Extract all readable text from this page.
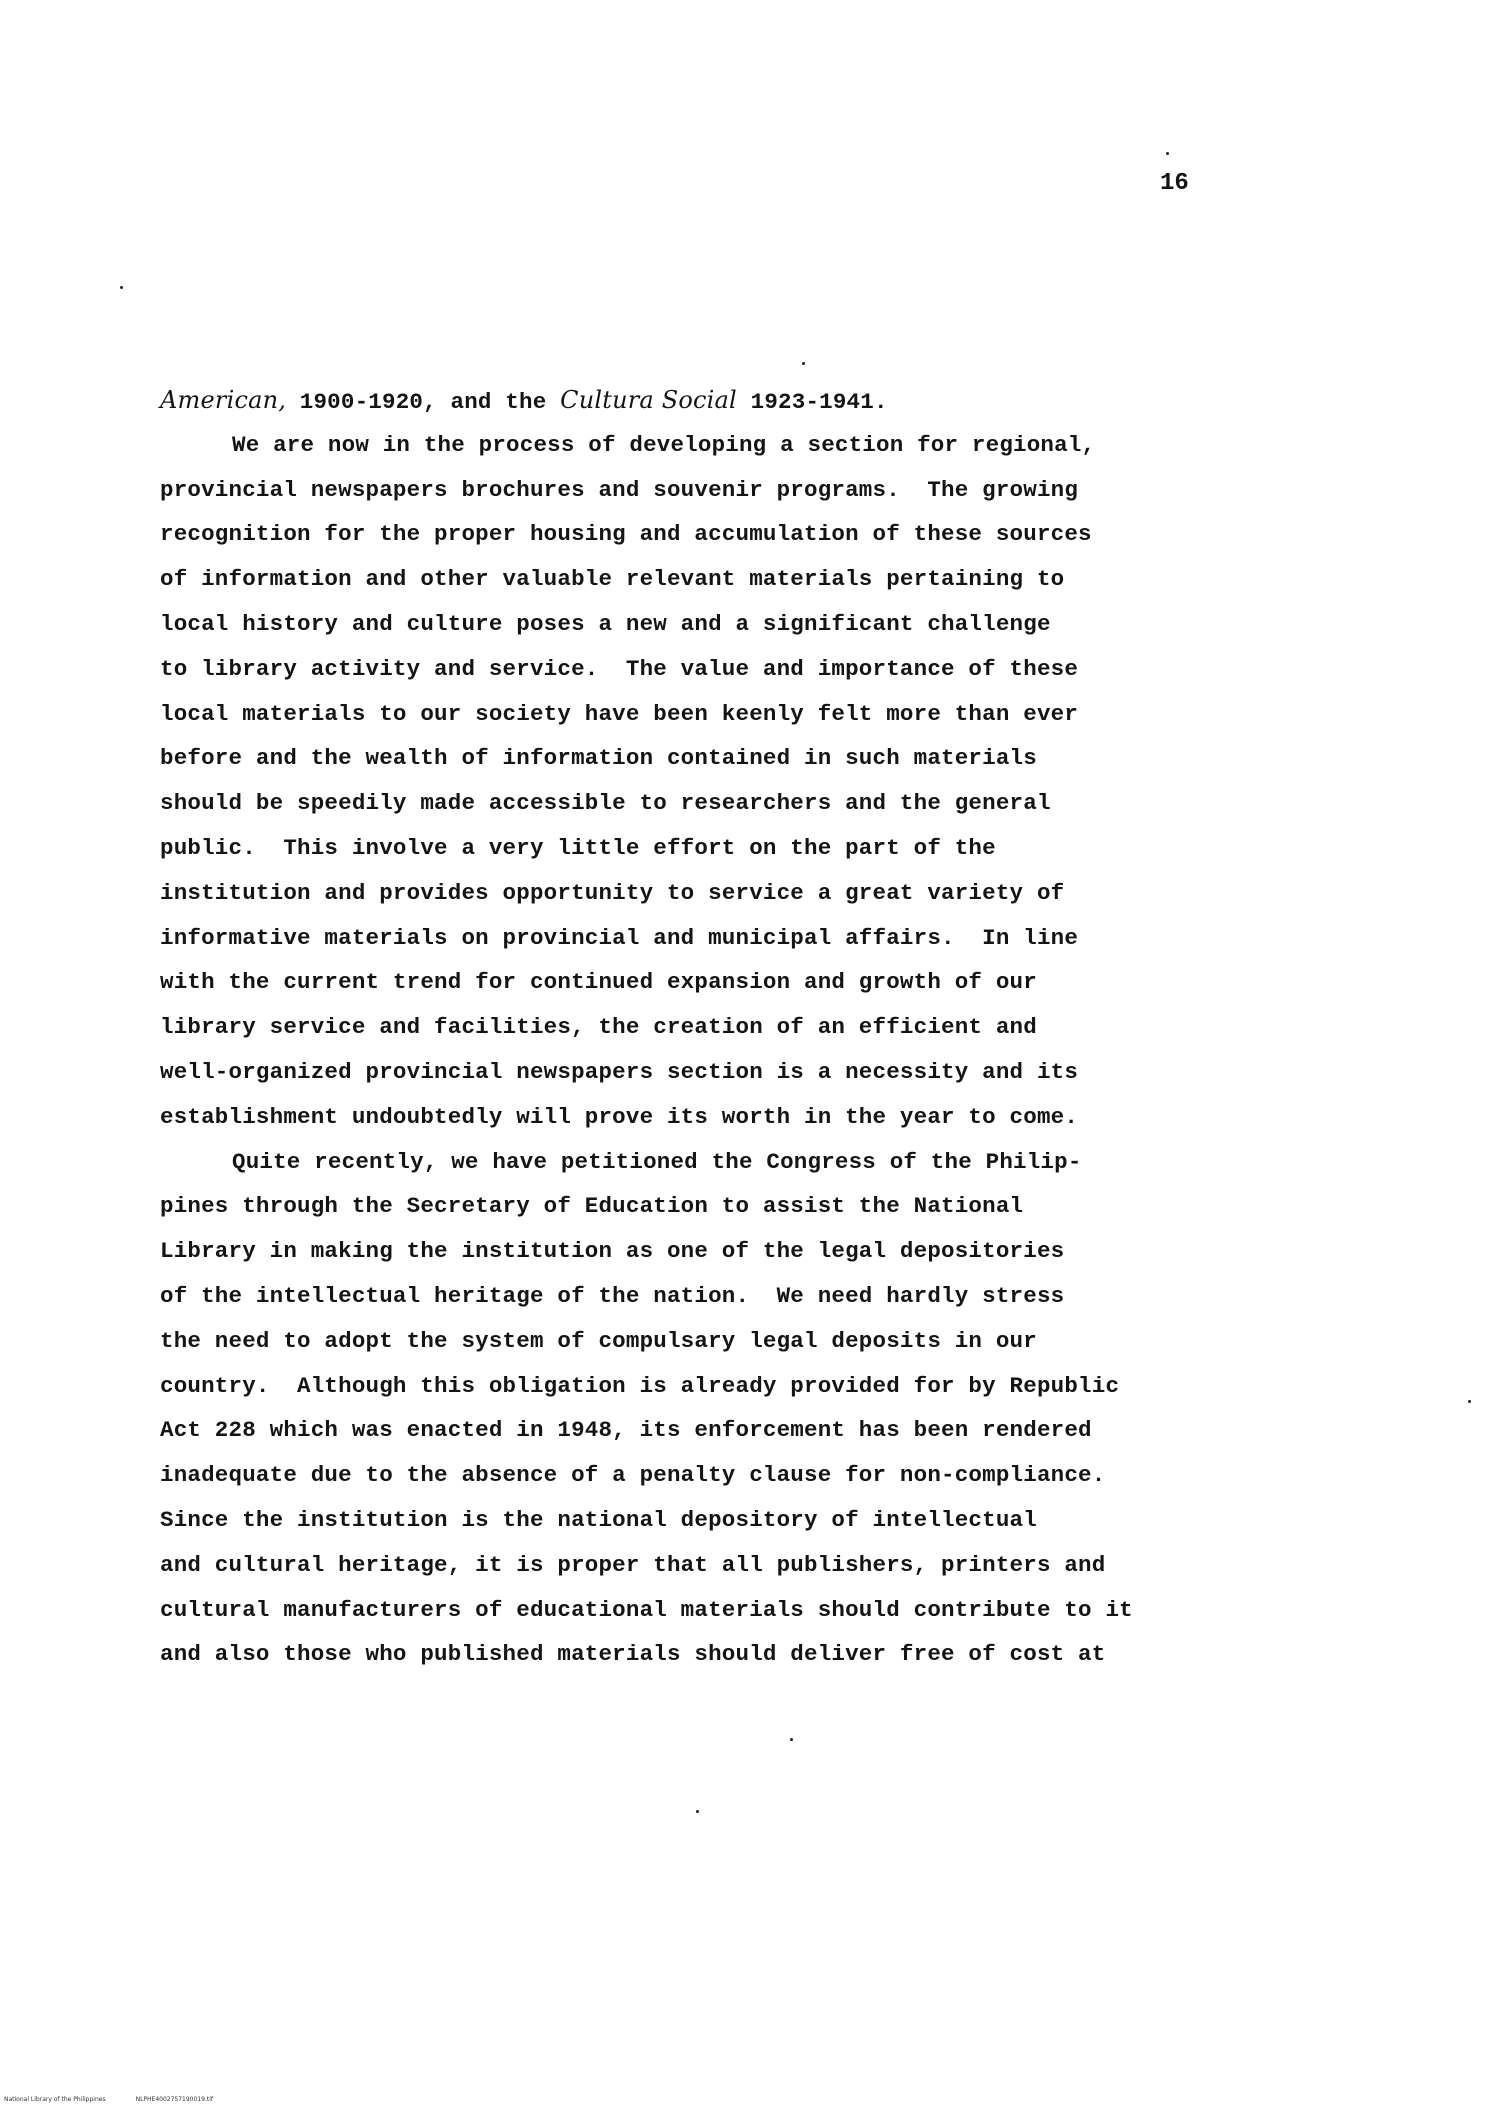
16
American, 1900-1920, and the Cultura Social 1923-1941.
We are now in the process of developing a section for regional,
provincial newspapers brochures and souvenir programs.  The growing
recognition for the proper housing and accumulation of these sources
of information and other valuable relevant materials pertaining to
local history and culture poses a new and a significant challenge
to library activity and service.  The value and importance of these
local materials to our society have been keenly felt more than ever
before and the wealth of information contained in such materials
should be speedily made accessible to researchers and the general
public.  This involve a very little effort on the part of the
institution and provides opportunity to service a great variety of
informative materials on provincial and municipal affairs.  In line
with the current trend for continued expansion and growth of our
library service and facilities, the creation of an efficient and
well-organized provincial newspapers section is a necessity and its
establishment undoubtedly will prove its worth in the year to come.
Quite recently, we have petitioned the Congress of the Philip-
pines through the Secretary of Education to assist the National
Library in making the institution as one of the legal depositories
of the intellectual heritage of the nation.  We need hardly stress
the need to adopt the system of compulsary legal deposits in our
country.  Although this obligation is already provided for by Republic
Act 228 which was enacted in 1948, its enforcement has been rendered
inadequate due to the absence of a penalty clause for non-compliance.
Since the institution is the national depository of intellectual
and cultural heritage, it is proper that all publishers, printers and
cultural manufacturers of educational materials should contribute to it
and also those who published materials should deliver free of cost at
National Library of the Philippines	NLPHE4002757190019.tif
